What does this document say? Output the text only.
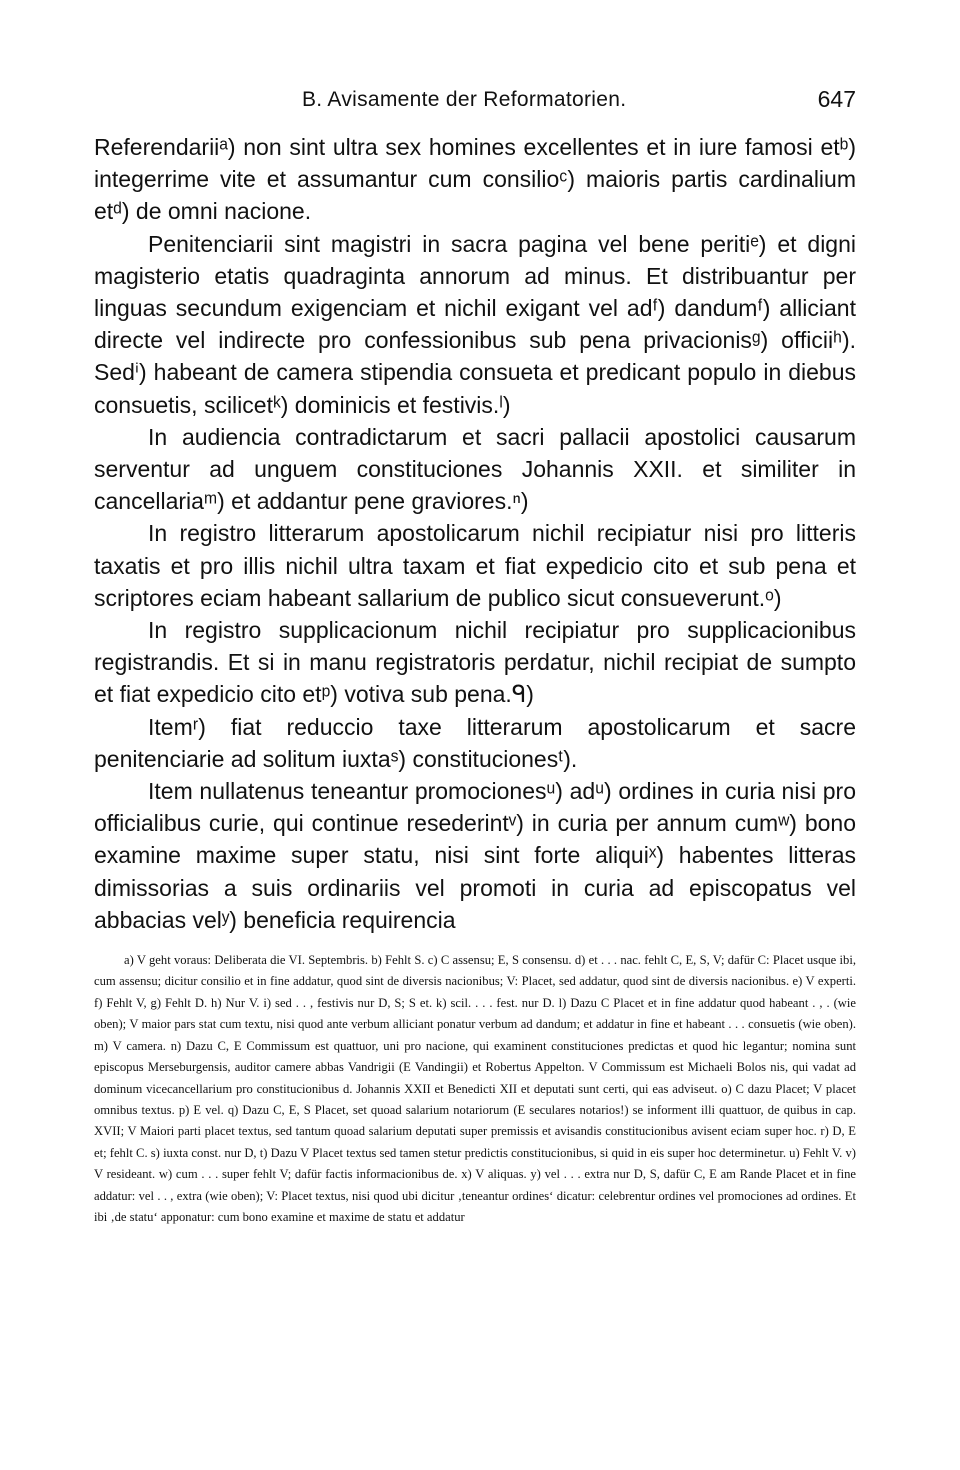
B. Avisamente der Reformatorien.	647

Referendariiᵃ) non sint ultra sex homines excellentes et in iure famosi etᵇ) integerrime vite et assumantur cum consilioᶜ) maioris partis cardinalium etᵈ) de omni nacione.

Penitenciarii sint magistri in sacra pagina vel bene peritiᵉ) et digni magisterio etatis quadraginta annorum ad minus. Et distribuantur per linguas secundum exigenciam et nichil exigant vel adᶠ) dandumᶠ) alliciant directe vel indirecte pro confessionibus sub pena privacionisᵍ) officiiʰ). Sedⁱ) habeant de camera stipendia consueta et predicant populo in diebus consuetis, scilicetᵏ) dominicis et festivis.ˡ)

In audiencia contradictarum et sacri pallacii apostolici causarum serventur ad unguem constituciones Johannis XXII. et similiter in cancellariaᵐ) et addantur pene graviores.ⁿ)

In registro litterarum apostolicarum nichil recipiatur nisi pro litteris taxatis et pro illis nichil ultra taxam et fiat expedicio cito et sub pena et scriptores eciam habeant sallarium de publico sicut consueverunt.ᵒ)

In registro supplicacionum nichil recipiatur pro supplicacionibus registrandis. Et si in manu registratoris perdatur, nichil recipiat de sumpto et fiat expedicio cito etᵖ) votiva sub pena.ᑫ)

Itemʳ) fiat reduccio taxe litterarum apostolicarum et sacre penitenciarie ad solitum iuxtaˢ) constitucionesᵗ).

Item nullatenus teneantur promocionesᵘ) adᵘ) ordines in curia nisi pro officialibus curie, qui continue resederintᵛ) in curia per annum cumʷ) bono examine maxime super statu, nisi sint forte aliquiˣ) habentes litteras dimissorias a suis ordinariis vel promoti in curia ad episcopatus vel abbacias velʸ) beneficia requirencia

a) V geht voraus: Deliberata die VI. Septembris. b) Fehlt S. c) C assensu; E, S consensu. d) et . . . nac. fehlt C, E, S, V; dafür C: Placet usque ibi, cum assensu; dicitur consilio et in fine addatur, quod sint de diversis nacionibus; V: Placet, sed addatur, quod sint de diversis nacionibus. e) V experti. f) Fehlt V, g) Fehlt D. h) Nur V. i) sed . . , festivis nur D, S; S et. k) scil. . . . fest. nur D. l) Dazu C Placet et in fine addatur quod habeant . , . (wie oben); V maior pars stat cum textu, nisi quod ante verbum alliciant ponatur verbum ad dandum; et addatur in fine et habeant . . . consuetis (wie oben). m) V camera. n) Dazu C, E Commissum est quattuor, uni pro nacione, qui examinent constituciones predictas et quod hic legantur; nomina sunt episcopus Merseburgensis, auditor camere abbas Vandrigii (E Vandingii) et Robertus Appelton. V Commissum est Michaeli Bolos nis, qui vadat ad dominum vicecancellarium pro constitucionibus d. Johannis XXII et Benedicti XII et deputati sunt certi, qui eas adviseut. o) C dazu Placet; V placet omnibus textus. p) E vel. q) Dazu C, E, S Placet, set quoad salarium notariorum (E seculares notarios!) se informent illi quattuor, de quibus in cap. XVII; V Maiori parti placet textus, sed tantum quoad salarium deputati super premissis et avisandis constitucionibus avisent eciam super hoc. r) D, E et; fehlt C. s) iuxta const. nur D, t) Dazu V Placet textus sed tamen stetur predictis constitucionibus, si quid in eis super hoc determinetur. u) Fehlt V. v) V resideant. w) cum . . . super fehlt V; dafür factis informacionibus de. x) V aliquas. y) vel . . . extra nur D, S, dafür C, E am Rande Placet et in fine addatur: vel . . , extra (wie oben); V: Placet textus, nisi quod ubi dicitur ‚teneantur ordines‘ dicatur: celebrentur ordines vel promociones ad ordines. Et ibi ‚de statu‘ apponatur: cum bono examine et maxime de statu et addatur
